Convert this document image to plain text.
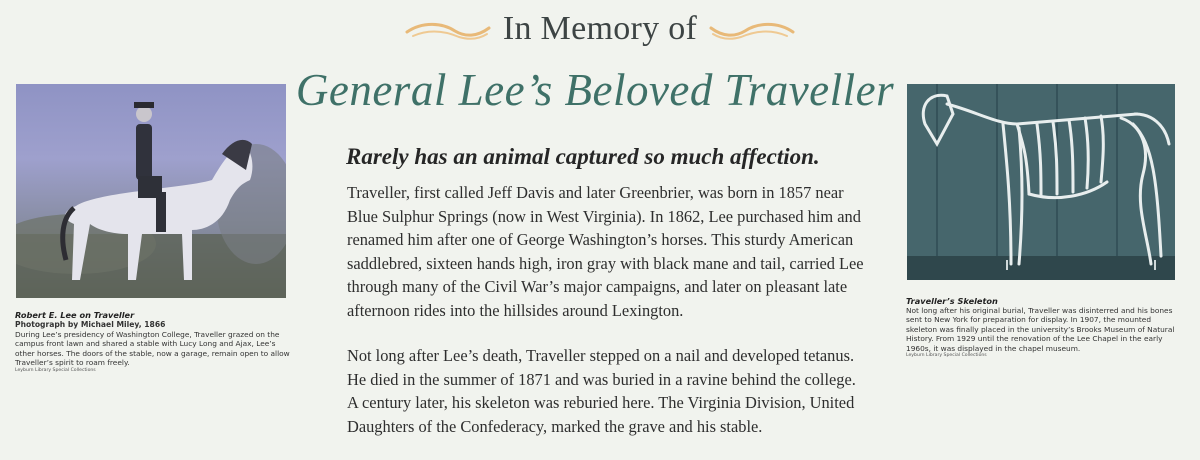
In Memory of
General Lee’s Beloved Traveller
Rarely has an animal captured so much affection.

Traveller, first called Jeff Davis and later Greenbrier, was born in 1857 near Blue Sulphur Springs (now in West Virginia). In 1862, Lee purchased him and renamed him after one of George Washington’s horses. This sturdy American saddlebred, sixteen hands high, iron gray with black mane and tail, carried Lee through many of the Civil War’s major campaigns, and later on pleasant late afternoon rides into the hillsides around Lexington.

Not long after Lee’s death, Traveller stepped on a nail and developed tetanus. He died in the summer of 1871 and was buried in a ravine behind the college. A century later, his skeleton was reburied here. The Virginia Division, United Daughters of the Confederacy, marked the grave and his stable.

Robert E. Lee on Traveller
Photograph by Michael Miley, 1866
During Lee’s presidency of Washington College, Traveller grazed on the campus front lawn and shared a stable with Lucy Long and Ajax, Lee’s other horses. The doors of the stable, now a garage, remain open to allow Traveller’s spirit to roam freely.
Leyburn Library Special Collections
Traveller’s Skeleton
Not long after his original burial, Traveller was disinterred and his bones sent to New York for preparation for display. In 1907, the mounted skeleton was finally placed in the university’s Brooks Museum of Natural History. From 1929 until the renovation of the Lee Chapel in the early 1960s, it was displayed in the chapel museum.
Leyburn Library Special Collections
